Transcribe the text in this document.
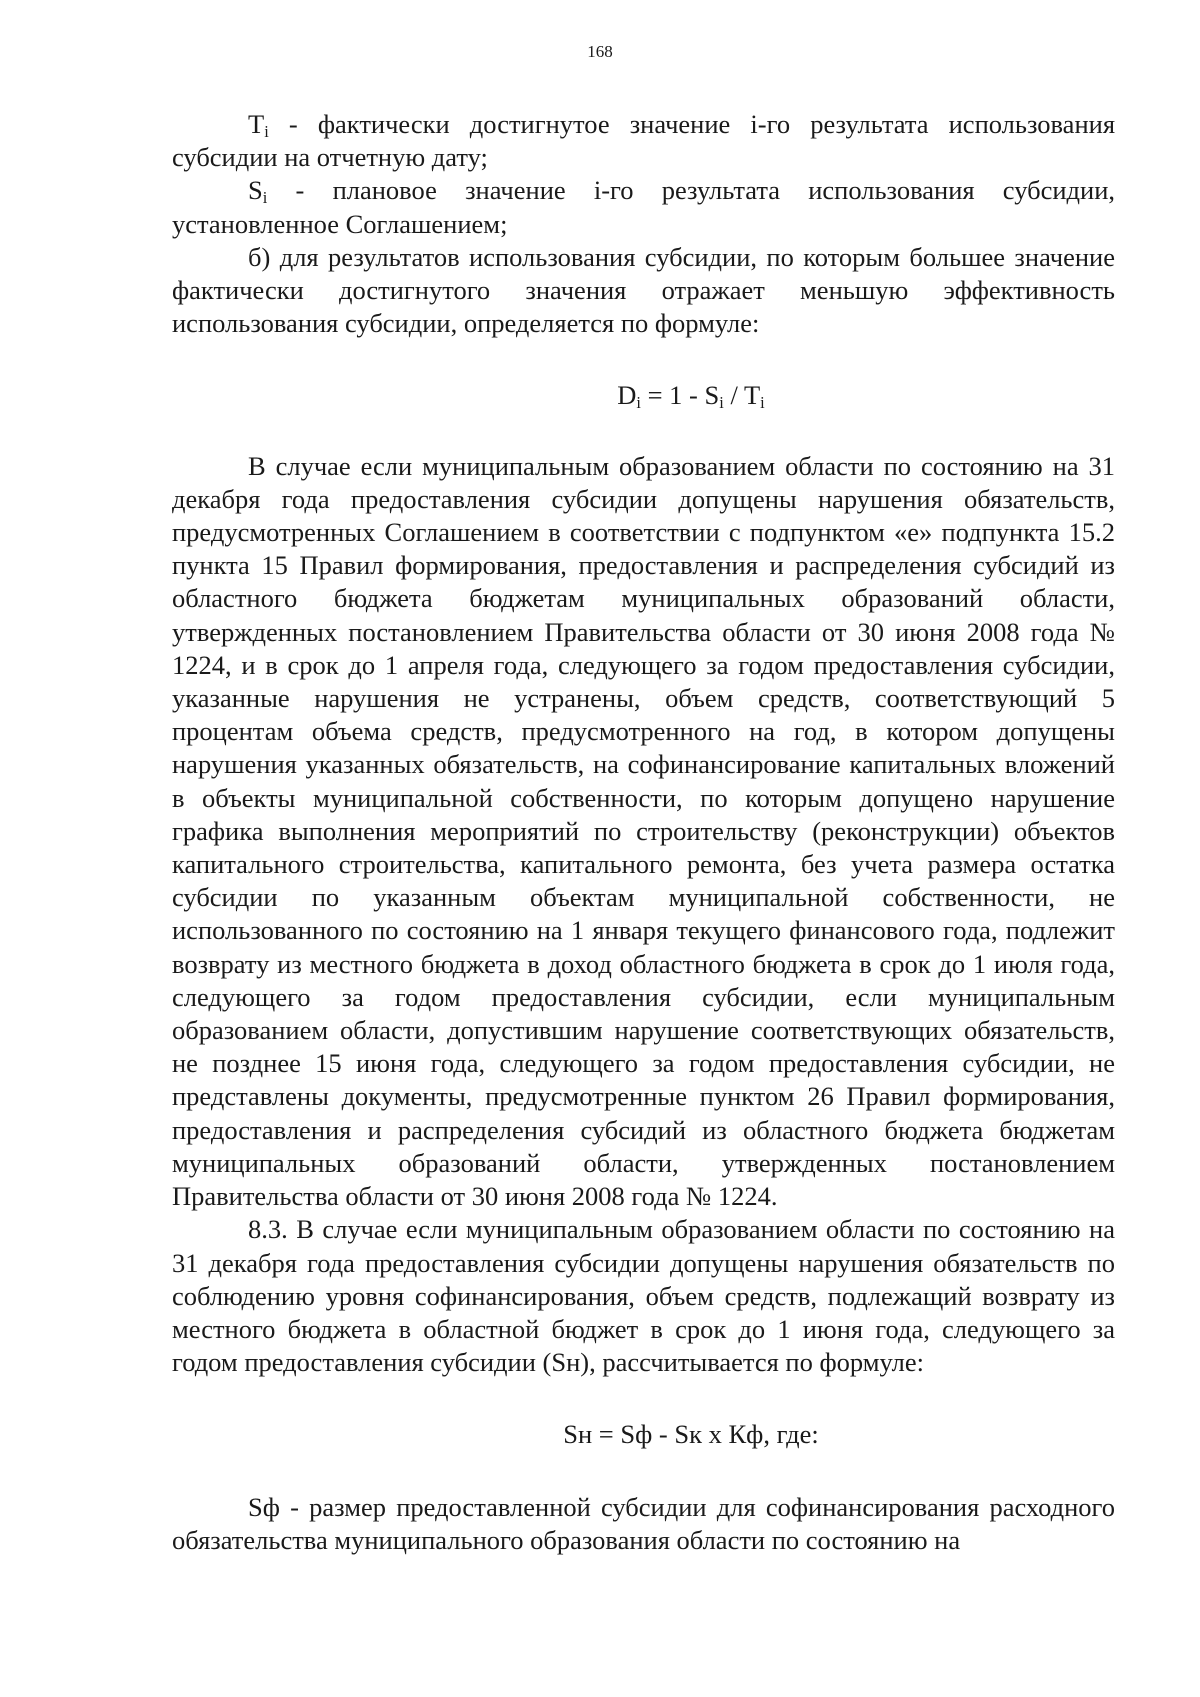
168

$T_i$ - фактически достигнутое значение i-го результата использования субсидии на отчетную дату;

$S_i$ - плановое значение i-го результата использования субсидии, установленное Соглашением;

б) для результатов использования субсидии, по которым большее значение фактически достигнутого значения отражает меньшую эффективность использования субсидии, определяется по формуле:

$D_i = 1 - S_i / T_i$

В случае если муниципальным образованием области по состоянию на 31 декабря года предоставления субсидии допущены нарушения обязательств, предусмотренных Соглашением в соответствии с подпунктом «е» подпункта 15.2 пункта 15 Правил формирования, предоставления и распределения субсидий из областного бюджета бюджетам муниципальных образований области, утвержденных постановлением Правительства области от 30 июня 2008 года № 1224, и в срок до 1 апреля года, следующего за годом предоставления субсидии, указанные нарушения не устранены, объем средств, соответствующий 5 процентам объема средств, предусмотренного на год, в котором допущены нарушения указанных обязательств, на софинансирование капитальных вложений в объекты муниципальной собственности, по которым допущено нарушение графика выполнения мероприятий по строительству (реконструкции) объектов капитального строительства, капитального ремонта, без учета размера остатка субсидии по указанным объектам муниципальной собственности, не использованного по состоянию на 1 января текущего финансового года, подлежит возврату из местного бюджета в доход областного бюджета в срок до 1 июля года, следующего за годом предоставления субсидии, если муниципальным образованием области, допустившим нарушение соответствующих обязательств, не позднее 15 июня года, следующего за годом предоставления субсидии, не представлены документы, предусмотренные пунктом 26 Правил формирования, предоставления и распределения субсидий из областного бюджета бюджетам муниципальных образований области, утвержденных постановлением Правительства области от 30 июня 2008 года № 1224.

8.3. В случае если муниципальным образованием области по состоянию на 31 декабря года предоставления субсидии допущены нарушения обязательств по соблюдению уровня софинансирования, объем средств, подлежащий возврату из местного бюджета в областной бюджет в срок до 1 июня года, следующего за годом предоставления субсидии (Sн), рассчитывается по формуле:

Sн = Sф - Sк х Кф, где:

Sф - размер предоставленной субсидии для софинансирования расходного обязательства муниципального образования области по состоянию на
